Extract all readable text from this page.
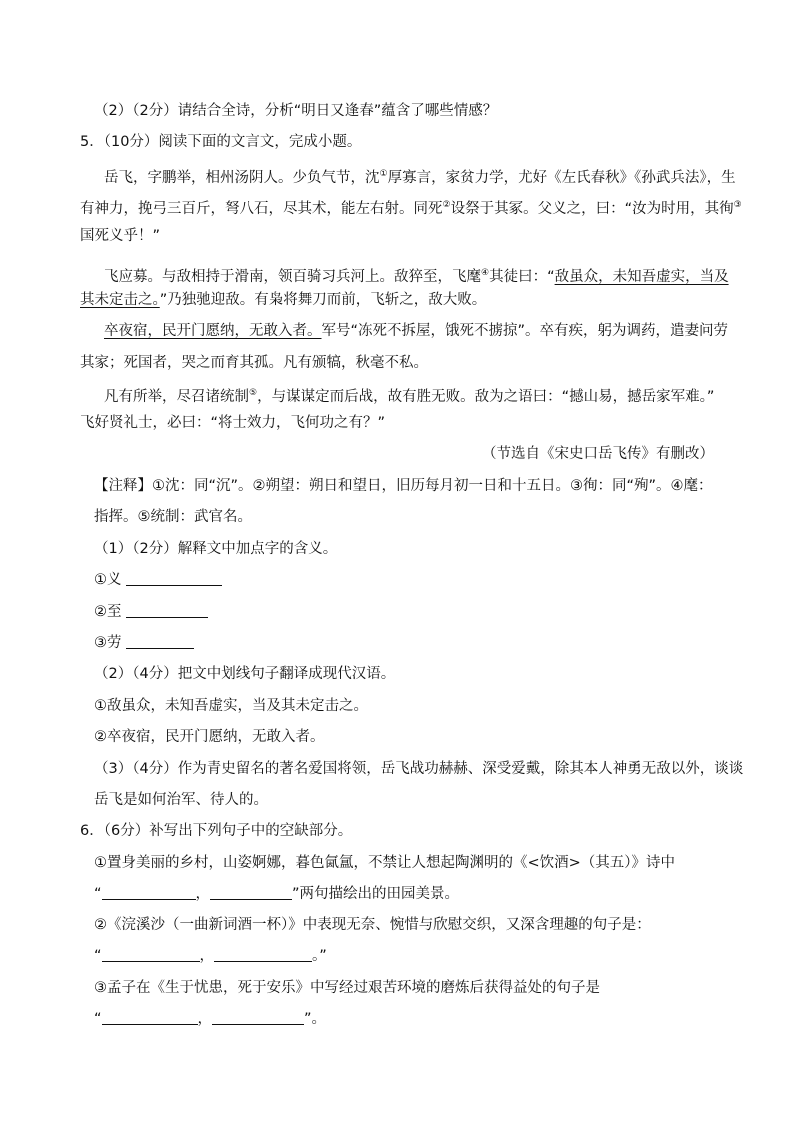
（2）（2分）请结合全诗，分析“明日又逢春”蕴含了哪些情感？
5．（10分）阅读下面的文言文，完成小题。
岳飞，字鹏举，相州汤阴人。少负气节，沈①厚寡言，家贫力学，尤好《左氏春秋》《孙武兵法》，生
有神力，挽弓三百斤，弩八石，尽其术，能左右射。同死②设祭于其冢。父义之，曰：“汝为时用，其徇③
国死义乎！”
飞应募。与敌相持于滑南，领百骑习兵河上。敌猝至，飞麾④其徒曰：“敌虽众，未知吾虚实，当及
其未定击之。”乃独驰迎敌。有枭将舞刀而前，飞斩之，敌大败。
卒夜宿，民开门愿纳，无敢入者。军号“冻死不拆屋，饿死不掳掠”。卒有疾，躬为调药，遣妻问劳
其家；死国者，哭之而育其孤。凡有颁犒，秋毫不私。
凡有所举，尽召诸统制⑤，与谋谋定而后战，故有胜无败。敌为之语曰：“撼山易，撼岳家军难。”
飞好贤礼士，必曰：“将士效力，飞何功之有？”
（节选自《宋史口岳飞传》有删改）
【注释】①沈：同“沉”。②朔望：朔日和望日，旧历每月初一日和十五日。③徇：同“殉”。④麾：
指挥。⑤统制：武官名。
（1）（2分）解释文中加点字的含义。
①义
②至
③劳
（2）（4分）把文中划线句子翻译成现代汉语。
①敌虽众，未知吾虚实，当及其未定击之。
②卒夜宿，民开门愿纳，无敢入者。
（3）（4分）作为青史留名的著名爱国将领，岳飞战功赫赫、深受爱戴，除其本人神勇无敌以外，谈谈
岳飞是如何治军、待人的。
6．（6分）补写出下列句子中的空缺部分。
①置身美丽的乡村，山姿婀娜，暮色氤氲，不禁让人想起陶渊明的《<饮酒>（其五）》诗中
“	，	”两句描绘出的田园美景。
②《浣溪沙（一曲新词酒一杯）》中表现无奈、惋惜与欣慰交织，又深含理趣的句子是：
“	，	。”
③孟子在《生于忧患，死于安乐》中写经过艰苦环境的磨炼后获得益处的句子是
“	，	”。
